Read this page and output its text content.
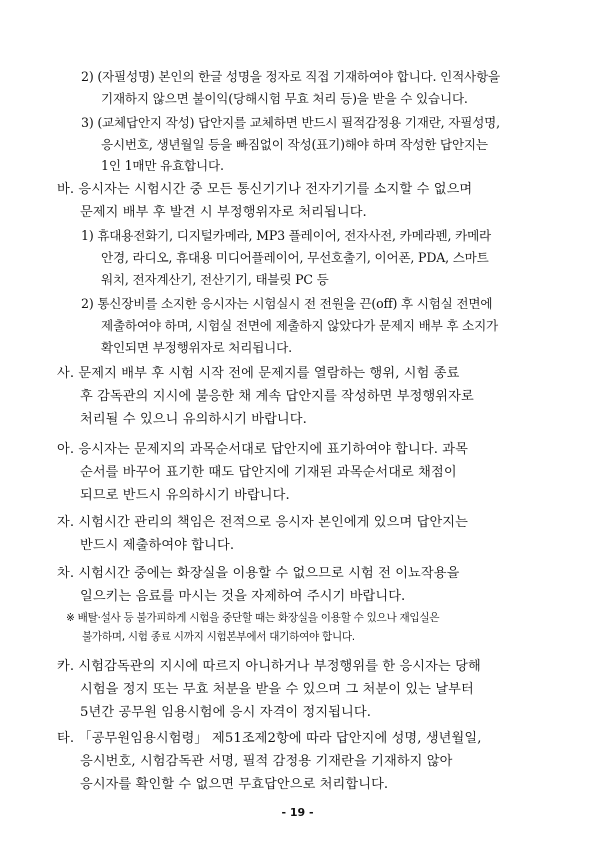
2) (자필성명) 본인의 한글 성명을 정자로 직접 기재하여야 합니다. 인적사항을
기재하지 않으면 불이익(당해시험 무효 처리 등)을 받을 수 있습니다.
3) (교체답안지 작성) 답안지를 교체하면 반드시 필적감정용 기재란, 자필성명,
응시번호, 생년월일 등을 빠짐없이 작성(표기)해야 하며 작성한 답안지는
1인 1매만 유효합니다.
바. 응시자는 시험시간 중 모든 통신기기나 전자기기를 소지할 수 없으며
문제지 배부 후 발견 시 부정행위자로 처리됩니다.
1) 휴대용전화기, 디지털카메라, MP3 플레이어, 전자사전, 카메라펜, 카메라
안경, 라디오, 휴대용 미디어플레이어, 무선호출기, 이어폰, PDA, 스마트
워치, 전자계산기, 전산기기, 태블릿 PC 등
2) 통신장비를 소지한 응시자는 시험실시 전 전원을 끈(off) 후 시험실 전면에
제출하여야 하며, 시험실 전면에 제출하지 않았다가 문제지 배부 후 소지가
확인되면 부정행위자로 처리됩니다.
사. 문제지 배부 후 시험 시작 전에 문제지를 열람하는 행위, 시험 종료
후 감독관의 지시에 불응한 채 계속 답안지를 작성하면 부정행위자로
처리될 수 있으니 유의하시기 바랍니다.
아. 응시자는 문제지의 과목순서대로 답안지에 표기하여야 합니다. 과목
순서를 바꾸어 표기한 때도 답안지에 기재된 과목순서대로 채점이
되므로 반드시 유의하시기 바랍니다.
자. 시험시간 관리의 책임은 전적으로 응시자 본인에게 있으며 답안지는
반드시 제출하여야 합니다.
차. 시험시간 중에는 화장실을 이용할 수 없으므로 시험 전 이뇨작용을
일으키는 음료를 마시는 것을 자제하여 주시기 바랍니다.
※ 배탈·설사 등 불가피하게 시험을 중단할 때는 화장실을 이용할 수 있으나 재입실은
불가하며, 시험 종료 시까지 시험본부에서 대기하여야 합니다.
카. 시험감독관의 지시에 따르지 아니하거나 부정행위를 한 응시자는 당해
시험을 정지 또는 무효 처분을 받을 수 있으며 그 처분이 있는 날부터
5년간 공무원 임용시험에 응시 자격이 정지됩니다.
타. 「공무원임용시험령」 제51조제2항에 따라 답안지에 성명, 생년월일,
응시번호, 시험감독관 서명, 필적 감정용 기재란을 기재하지 않아
응시자를 확인할 수 없으면 무효답안으로 처리합니다.
- 19 -
